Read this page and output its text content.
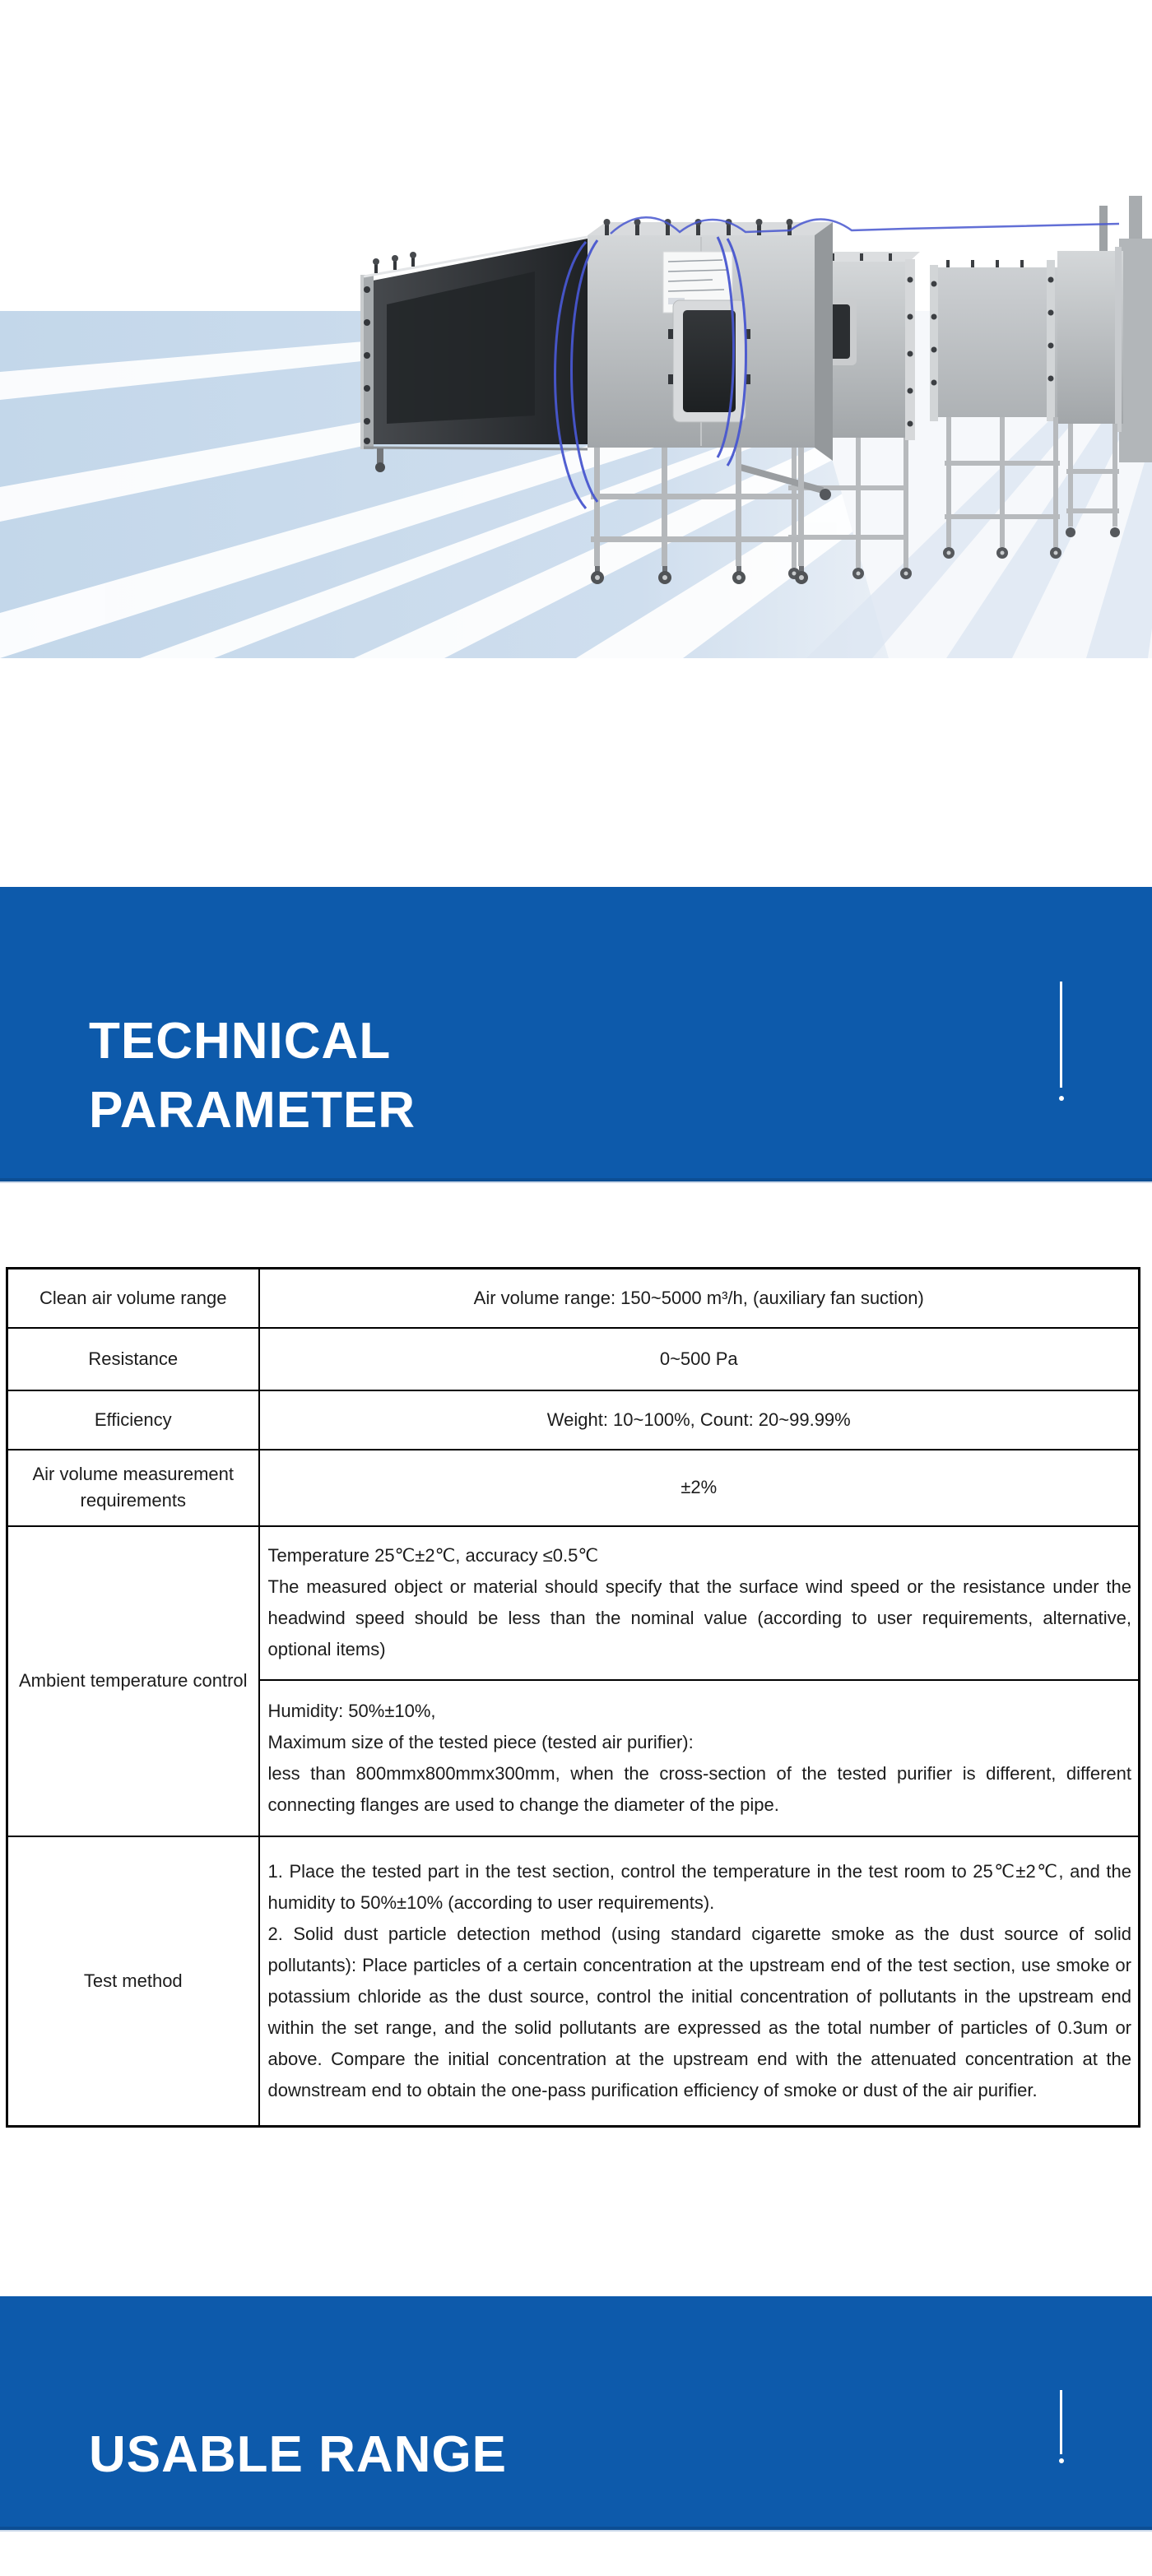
TECHNICAL
PARAMETER
Clean air volume range	Air volume range: 150~5000 m³/h, (auxiliary fan suction)
Resistance	0~500 Pa
Efficiency	Weight: 10~100%, Count: 20~99.99%
Air volume measurement requirements	±2%
Ambient temperature control	Temperature 25℃±2℃, accuracy ≤0.5℃

The measured object or material should specify that the surface wind speed or the resistance under the headwind speed should be less than the nominal value (according to user requirements, alternative, optional items)

	Humidity: 50%±10%,

Maximum size of the tested piece (tested air purifier):

less than 800mmx800mmx300mm, when the cross-section of the tested purifier is different, different connecting flanges are used to change the diameter of the pipe.

Test method	1. Place the tested part in the test section, control the temperature in the test room to 25℃±2℃, and the humidity to 50%±10% (according to user requirements).

2. Solid dust particle detection method (using standard cigarette smoke as the dust source of solid pollutants): Place particles of a certain concentration at the upstream end of the test section, use smoke or potassium chloride as the dust source, control the initial concentration of pollutants in the upstream end within the set range, and the solid pollutants are expressed as the total number of particles of 0.3um or above. Compare the initial concentration at the upstream end with the attenuated concentration at the downstream end to obtain the one-pass purification efficiency of smoke or dust of the air purifier.

USABLE RANGE
